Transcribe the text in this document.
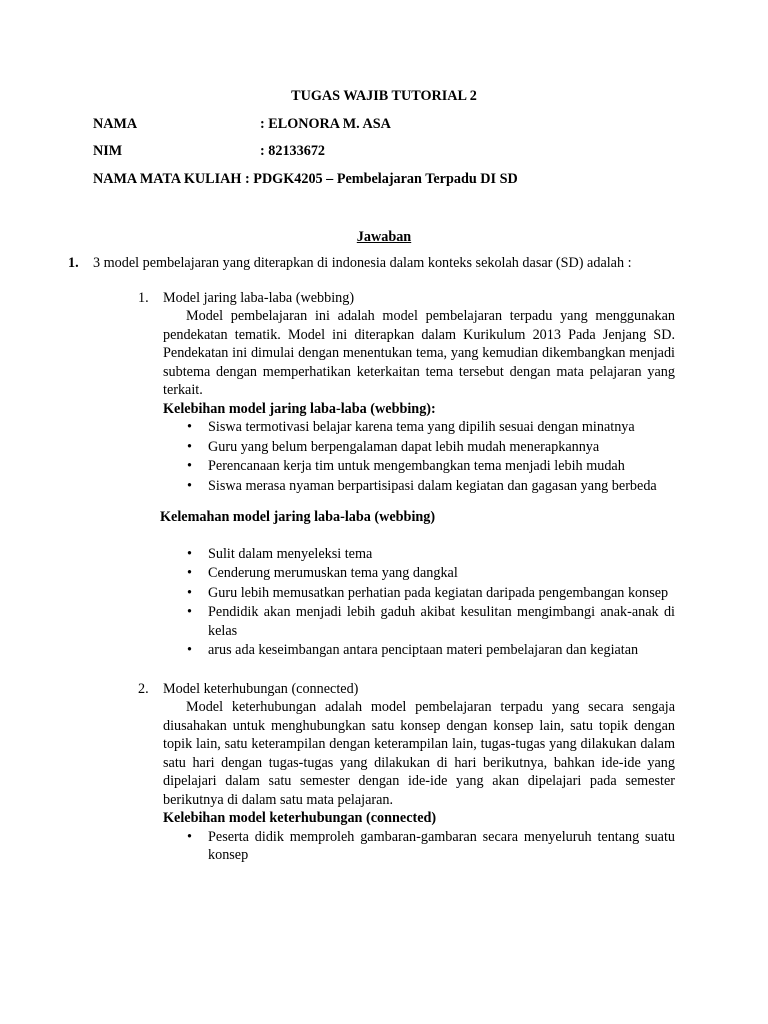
TUGAS WAJIB TUTORIAL 2
NAMA	: ELONORA M. ASA
NIM	: 82133672
NAMA MATA KULIAH : PDGK4205 – Pembelajaran Terpadu DI SD
Jawaban
1. 3 model pembelajaran yang diterapkan di indonesia dalam konteks sekolah dasar (SD) adalah :
1. Model jaring laba-laba (webbing)
Model pembelajaran ini adalah model pembelajaran terpadu yang menggunakan pendekatan tematik. Model ini diterapkan dalam Kurikulum 2013 Pada Jenjang SD. Pendekatan ini dimulai dengan menentukan tema, yang kemudian dikembangkan menjadi subtema dengan memperhatikan keterkaitan tema tersebut dengan mata pelajaran yang terkait.
Kelebihan model jaring laba-laba (webbing):
• Siswa termotivasi belajar karena tema yang dipilih sesuai dengan minatnya
• Guru yang belum berpengalaman dapat lebih mudah menerapkannya
• Perencanaan kerja tim untuk mengembangkan tema menjadi lebih mudah
• Siswa merasa nyaman berpartisipasi dalam kegiatan dan gagasan yang berbeda
Kelemahan model jaring laba-laba (webbing)
• Sulit dalam menyeleksi tema
• Cenderung merumuskan tema yang dangkal
• Guru lebih memusatkan perhatian pada kegiatan daripada pengembangan konsep
• Pendidik akan menjadi lebih gaduh akibat kesulitan mengimbangi anak-anak di kelas
• arus ada keseimbangan antara penciptaan materi pembelajaran dan kegiatan
2. Model keterhubungan (connected)
Model keterhubungan adalah model pembelajaran terpadu yang secara sengaja diusahakan untuk menghubungkan satu konsep dengan konsep lain, satu topik dengan topik lain, satu keterampilan dengan keterampilan lain, tugas-tugas yang dilakukan dalam satu hari dengan tugas-tugas yang dilakukan di hari berikutnya, bahkan ide-ide yang dipelajari dalam satu semester dengan ide-ide yang akan dipelajari pada semester berikutnya di dalam satu mata pelajaran.
Kelebihan model keterhubungan (connected)
• Peserta didik memproleh gambaran-gambaran secara menyeluruh tentang suatu konsep
